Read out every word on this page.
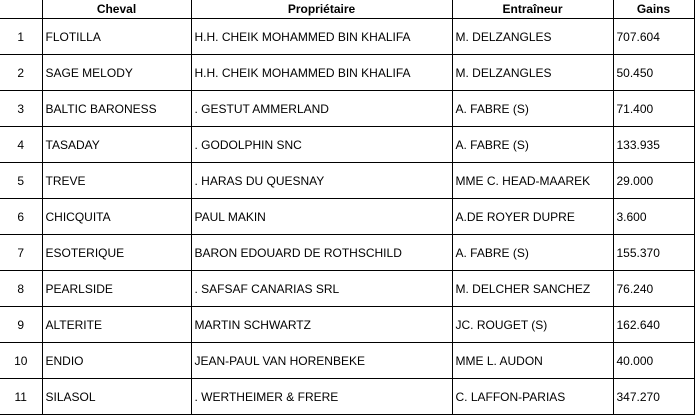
	Cheval	Propriétaire	Entraîneur	Gains
1	FLOTILLA	H.H. CHEIK MOHAMMED BIN KHALIFA	M. DELZANGLES	707.604
2	SAGE MELODY	H.H. CHEIK MOHAMMED BIN KHALIFA	M. DELZANGLES	50.450
3	BALTIC BARONESS	. GESTUT AMMERLAND	A. FABRE (S)	71.400
4	TASADAY	. GODOLPHIN SNC	A. FABRE (S)	133.935
5	TREVE	. HARAS DU QUESNAY	MME C. HEAD-MAAREK	29.000
6	CHICQUITA	PAUL MAKIN	A.DE ROYER DUPRE	3.600
7	ESOTERIQUE	BARON EDOUARD DE ROTHSCHILD	A. FABRE (S)	155.370
8	PEARLSIDE	. SAFSAF CANARIAS SRL	M. DELCHER SANCHEZ	76.240
9	ALTERITE	MARTIN SCHWARTZ	JC. ROUGET (S)	162.640
10	ENDIO	JEAN-PAUL VAN HORENBEKE	MME L. AUDON	40.000
11	SILASOL	. WERTHEIMER & FRERE	C. LAFFON-PARIAS	347.270
